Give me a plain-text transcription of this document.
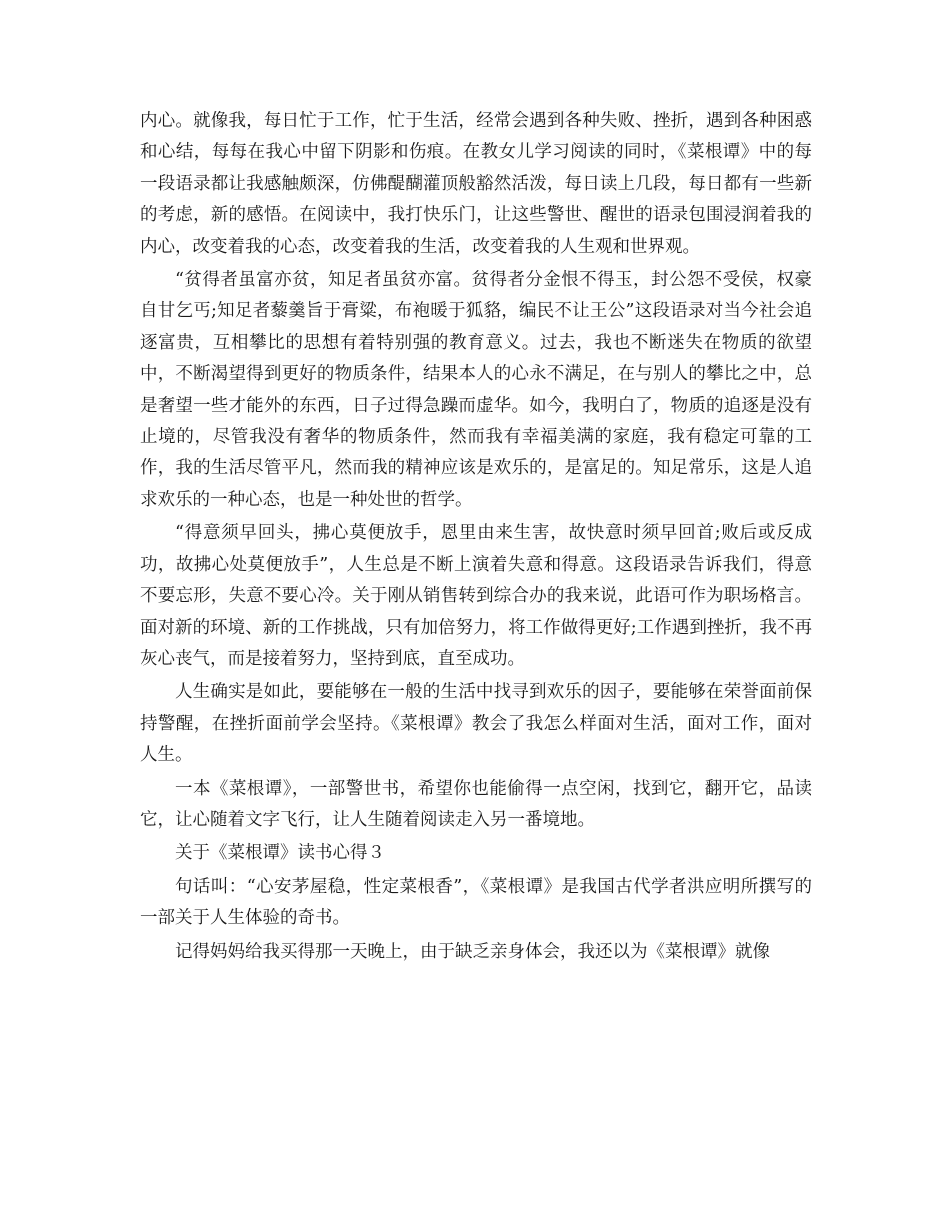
内心。就像我，每日忙于工作，忙于生活，经常会遇到各种失败、挫折，遇到各种困惑和心结，每每在我心中留下阴影和伤痕。在教女儿学习阅读的同时，《菜根谭》中的每一段语录都让我感触颇深，仿佛醍醐灌顶般豁然活泼，每日读上几段，每日都有一些新的考虑，新的感悟。在阅读中，我打快乐门，让这些警世、醒世的语录包围浸润着我的内心，改变着我的心态，改变着我的生活，改变着我的人生观和世界观。

“贫得者虽富亦贫，知足者虽贫亦富。贫得者分金恨不得玉，封公怨不受侯，权豪自甘乞丐;知足者藜羹旨于膏粱，布袍暖于狐貉，编民不让王公”这段语录对当今社会追逐富贵，互相攀比的思想有着特别强的教育意义。过去，我也不断迷失在物质的欲望中，不断渴望得到更好的物质条件，结果本人的心永不满足，在与别人的攀比之中，总是奢望一些才能外的东西，日子过得急躁而虚华。如今，我明白了，物质的追逐是没有止境的，尽管我没有奢华的物质条件，然而我有幸福美满的家庭，我有稳定可靠的工作，我的生活尽管平凡，然而我的精神应该是欢乐的，是富足的。知足常乐，这是人追求欢乐的一种心态，也是一种处世的哲学。

“得意须早回头，拂心莫便放手，恩里由来生害，故快意时须早回首;败后或反成功，故拂心处莫便放手”，人生总是不断上演着失意和得意。这段语录告诉我们，得意不要忘形，失意不要心冷。关于刚从销售转到综合办的我来说，此语可作为职场格言。面对新的环境、新的工作挑战，只有加倍努力，将工作做得更好;工作遇到挫折，我不再灰心丧气，而是接着努力，坚持到底，直至成功。

人生确实是如此，要能够在一般的生活中找寻到欢乐的因子，要能够在荣誉面前保持警醒，在挫折面前学会坚持。《菜根谭》教会了我怎么样面对生活，面对工作，面对人生。

一本《菜根谭》，一部警世书，希望你也能偷得一点空闲，找到它，翻开它，品读它，让心随着文字飞行，让人生随着阅读走入另一番境地。

关于《菜根谭》读书心得３

句话叫：“心安茅屋稳，性定菜根香”，《菜根谭》是我国古代学者洪应明所撰写的一部关于人生体验的奇书。

记得妈妈给我买得那一天晚上，由于缺乏亲身体会，我还以为《菜根谭》就像
